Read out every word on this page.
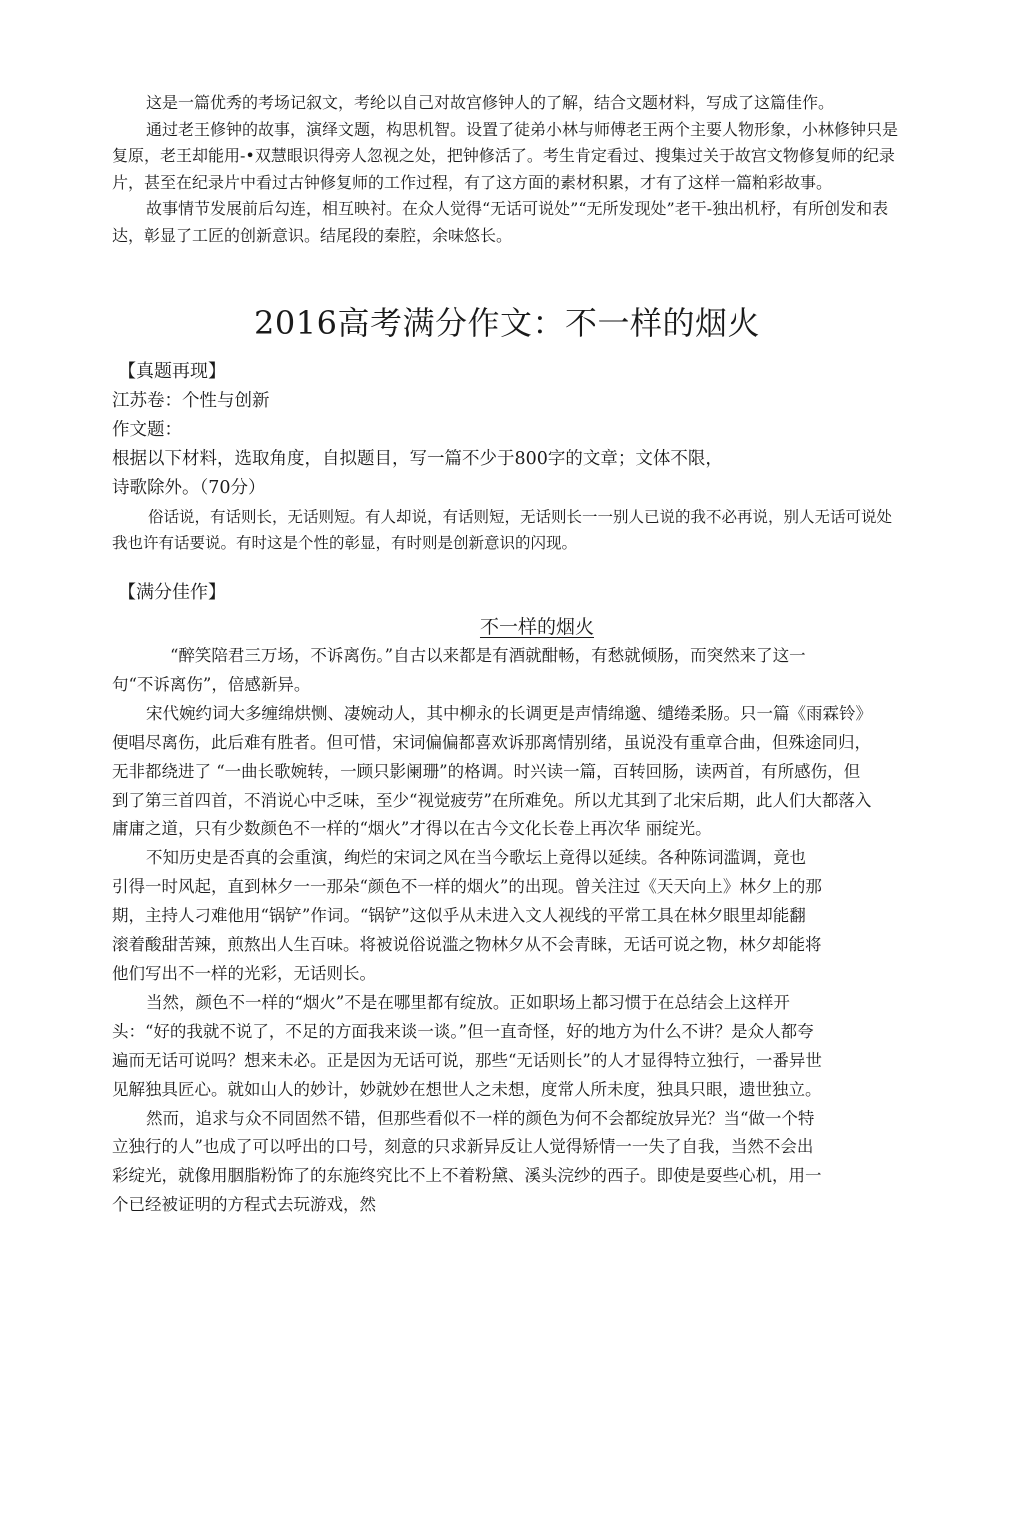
这是一篇优秀的考场记叙文，考纶以自己对故宫修钟人的了解，结合文题材料，写成了这篇佳作。

通过老王修钟的故事，演绎文题，构思机智。设置了徒弟小林与师傅老王两个主要人物形象，小林修钟只是复原，老王却能用-•双慧眼识得旁人忽视之处，把钟修活了。考生肯定看过、搜集过关于故宫文物修复师的纪录片，甚至在纪录片中看过古钟修复师的工作过程，有了这方面的素材积累，才有了这样一篇粕彩故事。

故事情节发展前后勾连，相互映衬。在众人觉得“无话可说处”“无所发现处”老干-独出机杼，有所创发和表达，彰显了工匠的创新意识。结尾段的秦腔，余味悠长。

2016高考满分作文：不一样的烟火
【真题再现】

江苏卷：个性与创新

作文题：

根据以下材料，选取角度，自拟题目，写一篇不少于800字的文章；文体不限，

诗歌除外。（70分）

俗话说，有话则长，无话则短。有人却说，有话则短，无话则长一一别人已说的我不必再说，别人无话可说处我也许有话要说。有时这是个性的彰显，有时则是创新意识的闪现。

【满分佳作】
不一样的烟火

“醉笑陪君三万场，不诉离伤。”自古以来都是有酒就酣畅，有愁就倾肠，而突然来了这一句“不诉离伤”，倍感新异。

宋代婉约词大多缠绵烘恻、凄婉动人，其中柳永的长调更是声情绵邈、缱绻柔肠。只一篇《雨霖铃》便唱尽离伤，此后难有胜者。但可惜，宋词偏偏都喜欢诉那离情别绪，虽说没有重章合曲，但殊途同归，无非都绕进了 “一曲长歌婉转，一顾只影阑珊”的格调。时兴读一篇，百转回肠，读两首，有所感伤，但到了第三首四首，不消说心中乏味，至少“视觉疲劳”在所难免。所以尤其到了北宋后期，此人们大都落入庸庸之道，只有少数颜色不一样的“烟火”才得以在古今文化长卷上再次华 丽绽光。

不知历史是否真的会重演，绚烂的宋词之风在当今歌坛上竟得以延续。各种陈词滥调，竟也引得一时风起，直到林夕一一那朵“颜色不一样的烟火”的出现。曾关注过《天天向上》林夕上的那期，主持人刁难他用“锅铲”作词。“锅铲”这似乎从未进入文人视线的平常工具在林夕眼里却能翻滚着酸甜苦辣，煎熬出人生百味。将被说俗说滥之物林夕从不会青睐，无话可说之物，林夕却能将他们写出不一样的光彩，无话则长。

当然，颜色不一样的“烟火”不是在哪里都有绽放。正如职场上都习惯于在总结会上这样开头：“好的我就不说了，不足的方面我来谈一谈。”但一直奇怪，好的地方为什么不讲？是众人都夸遍而无话可说吗？想来未必。正是因为无话可说，那些“无话则长”的人才显得特立独行，一番异世见解独具匠心。就如山人的妙计，妙就妙在想世人之未想，度常人所未度，独具只眼，遗世独立。

然而，追求与众不同固然不错，但那些看似不一样的颜色为何不会都绽放异光？当“做一个特立独行的人”也成了可以呼出的口号，刻意的只求新异反让人觉得矫情一一失了自我，当然不会出彩绽光，就像用胭脂粉饰了的东施终究比不上不着粉黛、溪头浣纱的西子。即使是耍些心机，用一个已经被证明的方程式去玩游戏，然
